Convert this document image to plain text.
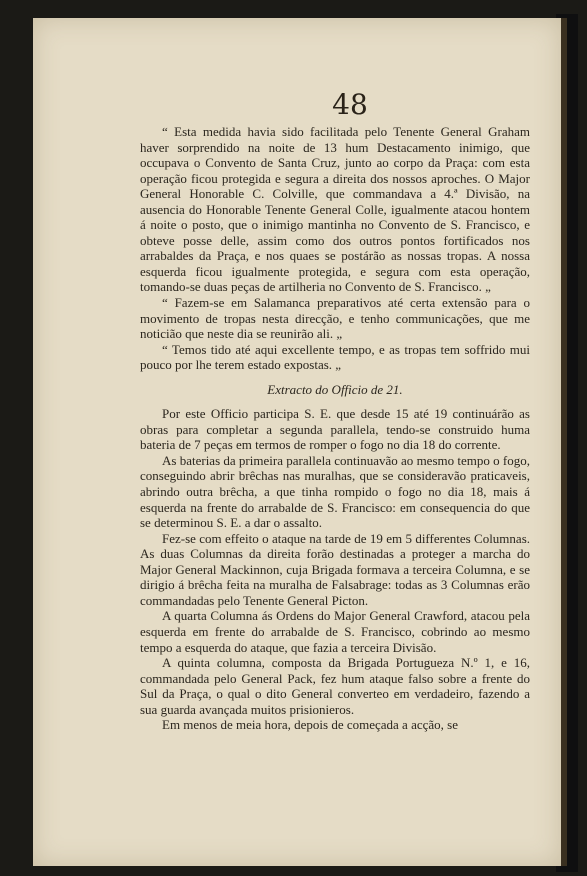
48

“ Esta medida havia sido facilitada pelo Tenente General Graham haver sorprendido na noite de 13 hum Destacamento inimigo, que occupava o Convento de Santa Cruz, junto ao corpo da Praça: com esta operação ficou protegida e segura a direita dos nossos aproches. O Major General Honorable C. Colville, que commandava a 4.ª Divisão, na ausencia do Honorable Tenente General Colle, igualmente atacou hontem á noite o posto, que o inimigo mantinha no Convento de S. Francisco, e obteve posse delle, assim como dos outros pontos fortificados nos arrabaldes da Praça, e nos quaes se postárão as nossas tropas. A nossa esquerda ficou igualmente protegida, e segura com esta operação, tomando-se duas peças de artilheria no Convento de S. Francisco. „

“ Fazem-se em Salamanca preparativos até certa extensão para o movimento de tropas nesta direcção, e tenho communicações, que me noticião que neste dia se reunirão ali. „

“ Temos tido até aqui excellente tempo, e as tropas tem soffrido mui pouco por lhe terem estado expostas. „

Extracto do Officio de 21.

Por este Officio participa S. E. que desde 15 até 19 continuárão as obras para completar a segunda parallela, tendo-se construido huma bateria de 7 peças em termos de romper o fogo no dia 18 do corrente.

As baterias da primeira parallela continuavão ao mesmo tempo o fogo, conseguindo abrir brêchas nas muralhas, que se consideravão praticaveis, abrindo outra brêcha, a que tinha rompido o fogo no dia 18, mais á esquerda na frente do arrabalde de S. Francisco: em consequencia do que se determinou S. E. a dar o assalto.

Fez-se com effeito o ataque na tarde de 19 em 5 differentes Columnas. As duas Columnas da direita forão destinadas a proteger a marcha do Major General Mackinnon, cuja Brigada formava a terceira Columna, e se dirigio á brêcha feita na muralha de Falsabrage: todas as 3 Columnas erão commandadas pelo Tenente General Picton.

A quarta Columna ás Ordens do Major General Crawford, atacou pela esquerda em frente do arrabalde de S. Francisco, cobrindo ao mesmo tempo a esquerda do ataque, que fazia a terceira Divisão.

A quinta columna, composta da Brigada Portugueza N.º 1, e 16, commandada pelo General Pack, fez hum ataque falso sobre a frente do Sul da Praça, o qual o dito General converteo em verdadeiro, fazendo a sua guarda avançada muitos prisionieros.

Em menos de meia hora, depois de começada a acção, se
